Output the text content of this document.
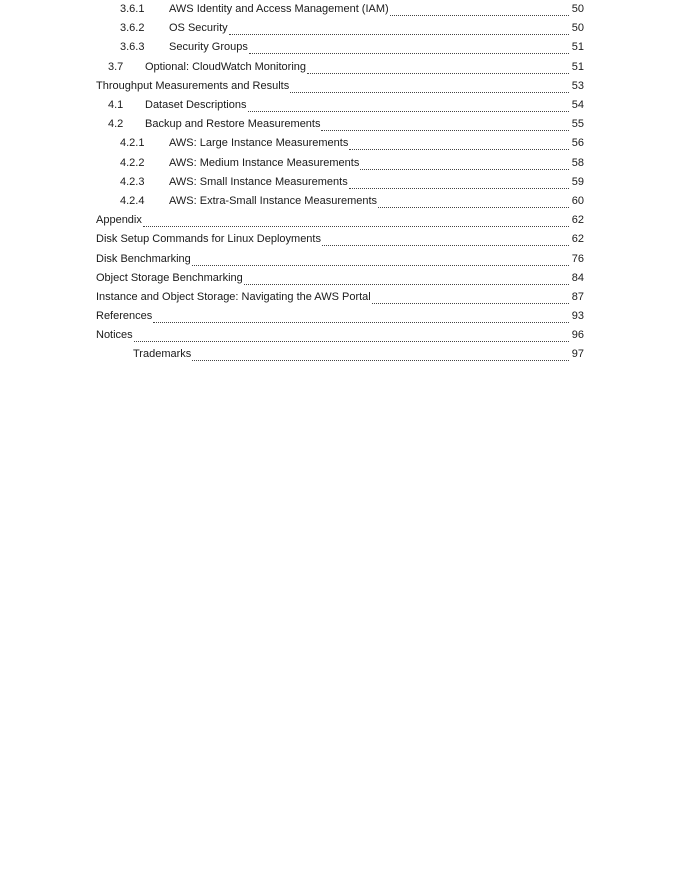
3.6.1	AWS Identity and Access Management (IAM)	50
3.6.2	OS Security	50
3.6.3	Security Groups	51
3.7	Optional: CloudWatch Monitoring	51
Throughput Measurements and Results	53
4.1	Dataset Descriptions	54
4.2	Backup and Restore Measurements	55
4.2.1	AWS: Large Instance Measurements	56
4.2.2	AWS: Medium Instance Measurements	58
4.2.3	AWS: Small Instance Measurements	59
4.2.4	AWS: Extra-Small Instance Measurements	60
Appendix	62
Disk Setup Commands for Linux Deployments	62
Disk Benchmarking	76
Object Storage Benchmarking	84
Instance and Object Storage: Navigating the AWS Portal	87
References	93
Notices	96
Trademarks	97
